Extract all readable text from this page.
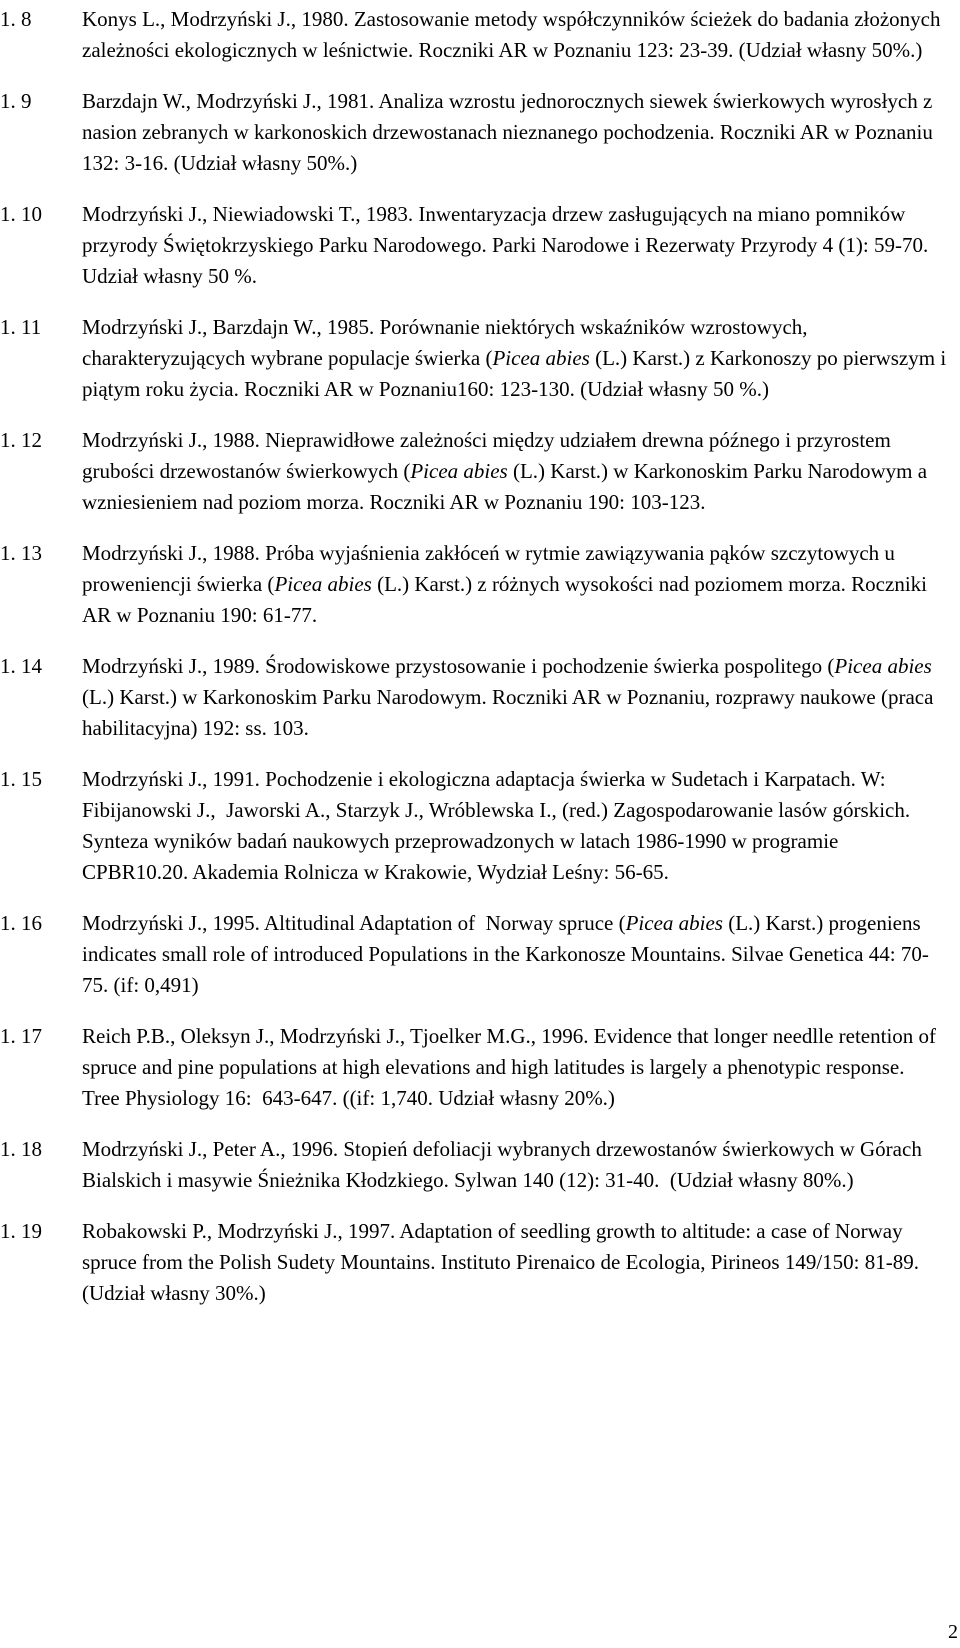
1. 8 Konys L., Modrzyński J., 1980. Zastosowanie metody współczynników ścieżek do badania złożonych zależności ekologicznych w leśnictwie. Roczniki AR w Poznaniu 123: 23-39. (Udział własny 50%.)
1. 9 Barzdajn W., Modrzyński J., 1981. Analiza wzrostu jednorocznych siewek świerkowych wyrosłych z nasion zebranych w karkonoskich drzewostanach nieznanego pochodzenia. Roczniki AR w Poznaniu 132: 3-16. (Udział własny 50%.)
1. 10 Modrzyński J., Niewiadowski T., 1983. Inwentaryzacja drzew zasługujących na miano pomników przyrody Świętokrzyskiego Parku Narodowego. Parki Narodowe i Rezerwaty Przyrody 4 (1): 59-70. Udział własny 50 %.
1. 11 Modrzyński J., Barzdajn W., 1985. Porównanie niektórych wskaźników wzrostowych, charakteryzujących wybrane populacje świerka (Picea abies (L.) Karst.) z Karkonoszy po pierwszym i piątym roku życia. Roczniki AR w Poznaniu160: 123-130. (Udział własny 50 %.)
1. 12 Modrzyński J., 1988. Nieprawidłowe zależności między udziałem drewna późnego i przyrostem grubości drzewostanów świerkowych (Picea abies (L.) Karst.) w Karkonoskim Parku Narodowym a wzniesieniem nad poziom morza. Roczniki AR w Poznaniu 190: 103-123.
1. 13 Modrzyński J., 1988. Próba wyjaśnienia zakłóceń w rytmie zawiązywania pąków szczytowych u proweniencji świerka (Picea abies (L.) Karst.) z różnych wysokości nad poziomem morza. Roczniki AR w Poznaniu 190: 61-77.
1. 14 Modrzyński J., 1989. Środowiskowe przystosowanie i pochodzenie świerka pospolitego (Picea abies (L.) Karst.) w Karkonoskim Parku Narodowym. Roczniki AR w Poznaniu, rozprawy naukowe (praca habilitacyjna) 192: ss. 103.
1. 15 Modrzyński J., 1991. Pochodzenie i ekologiczna adaptacja świerka w Sudetach i Karpatach. W: Fibijanowski J.,  Jaworski A., Starzyk J., Wróblewska I., (red.) Zagospodarowanie lasów górskich. Synteza wyników badań naukowych przeprowadzonych w latach 1986-1990 w programie CPBR10.20. Akademia Rolnicza w Krakowie, Wydział Leśny: 56-65.
1. 16 Modrzyński J., 1995. Altitudinal Adaptation of  Norway spruce (Picea abies (L.) Karst.) progeniens indicates small role of introduced Populations in the Karkonosze Mountains. Silvae Genetica 44: 70-75. (if: 0,491)
1. 17 Reich P.B., Oleksyn J., Modrzyński J., Tjoelker M.G., 1996. Evidence that longer needlle retention of spruce and pine populations at high elevations and high latitudes is largely a phenotypic response. Tree Physiology 16:  643-647. ((if: 1,740. Udział własny 20%.)
1. 18 Modrzyński J., Peter A., 1996. Stopień defoliacji wybranych drzewostanów świerkowych w Górach Bialskich i masywie Śnieżnika Kłodzkiego. Sylwan 140 (12): 31-40.  (Udział własny 80%.)
1. 19 Robakowski P., Modrzyński J., 1997. Adaptation of seedling growth to altitude: a case of Norway spruce from the Polish Sudety Mountains. Instituto Pirenaico de Ecologia, Pirineos 149/150: 81-89.  (Udział własny 30%.)
2
